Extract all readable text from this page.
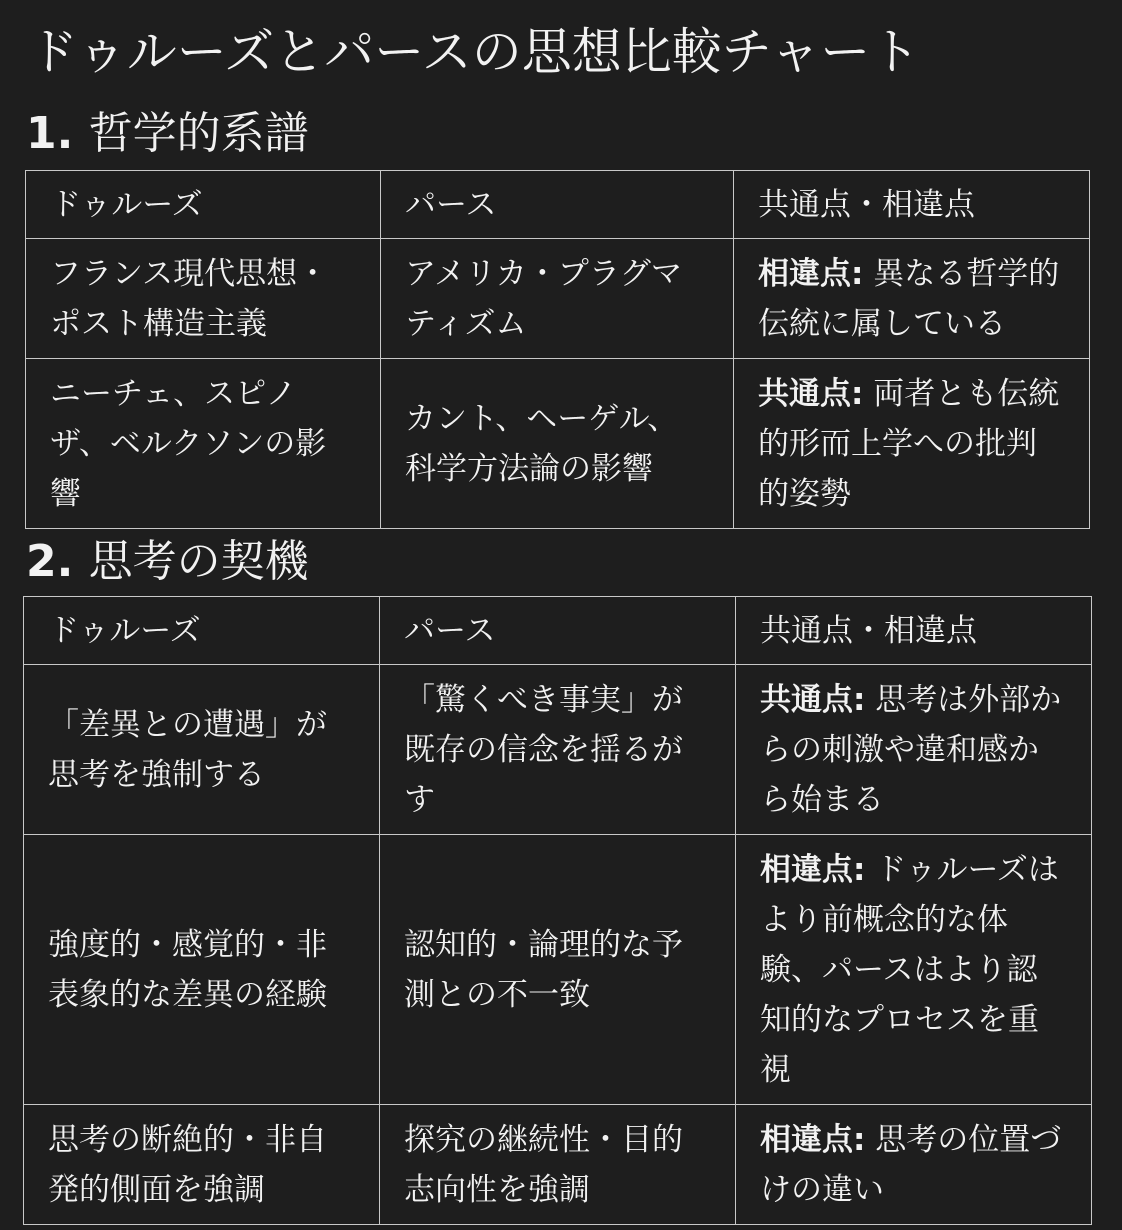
ドゥルーズとパースの思想比較チャート
1. 哲学的系譜
ドゥルーズ	パース	共通点・相違点
フランス現代思想・ポスト構造主義	アメリカ・プラグマティズム	相違点: 異なる哲学的伝統に属している
ニーチェ、スピノザ、ベルクソンの影響	カント、ヘーゲル、科学方法論の影響	共通点: 両者とも伝統的形而上学への批判的姿勢
2. 思考の契機
ドゥルーズ	パース	共通点・相違点
「差異との遭遇」が思考を強制する	「驚くべき事実」が既存の信念を揺るがす	共通点: 思考は外部からの刺激や違和感から始まる
強度的・感覚的・非表象的な差異の経験	認知的・論理的な予測との不一致	相違点: ドゥルーズはより前概念的な体験、パースはより認知的なプロセスを重視
思考の断絶的・非自発的側面を強調	探究の継続性・目的志向性を強調	相違点: 思考の位置づけの違い
